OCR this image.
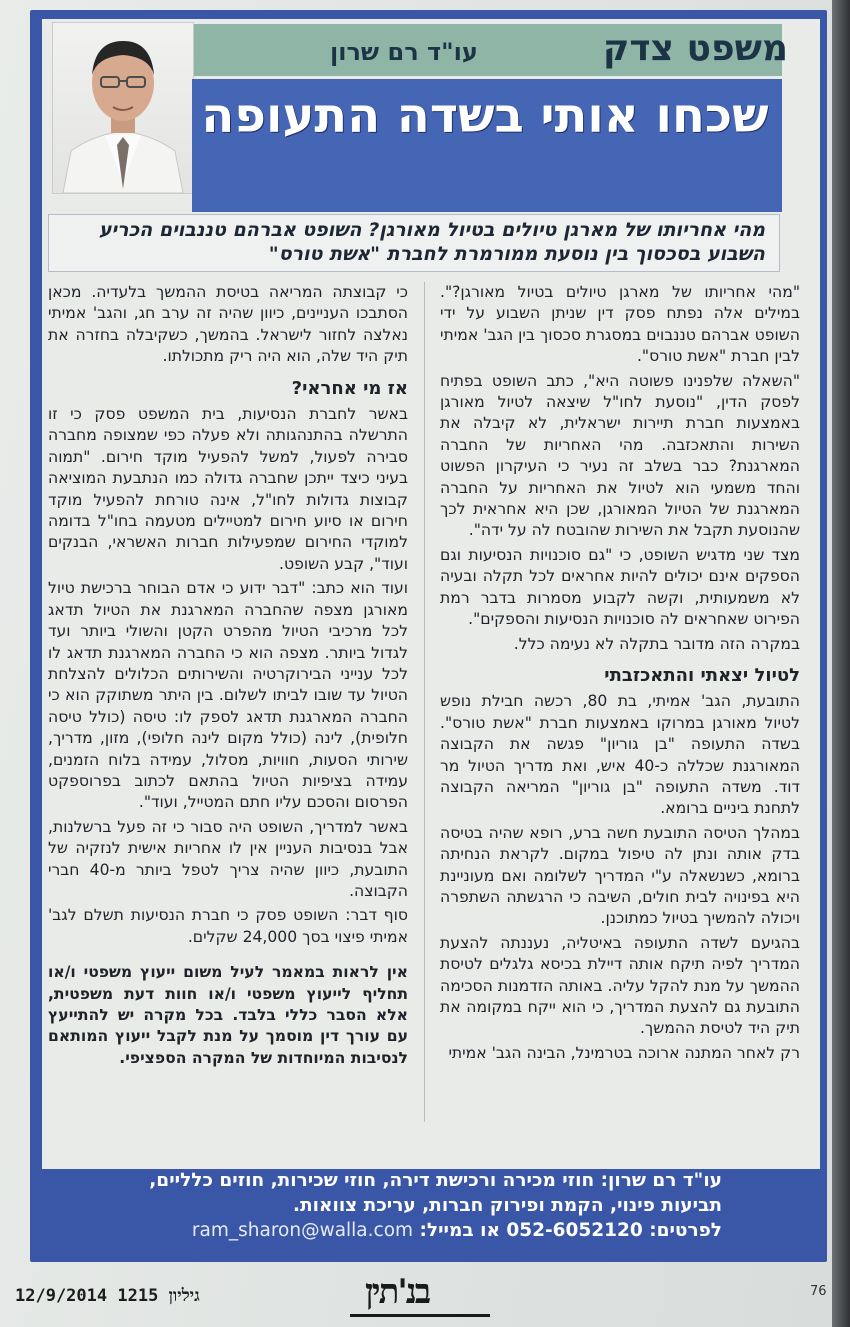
משפט צדק
עו"ד רם שרון
שכחו אותי בשדה התעופה
מהי אחריותו של מארגן טיולים בטיול מאורגן? השופט אברהם טננבוים הכריע השבוע בסכסוך בין נוסעת ממורמרת לחברת "אשת טורס"

"מהי אחריותו של מארגן טיולים בטיול מאורגן?". במילים אלה נפתח פסק דין שניתן השבוע על ידי השופט אברהם טננבוים במסגרת סכסוך בין הגב' אמיתי לבין חברת "אשת טורס".

"השאלה שלפנינו פשוטה היא", כתב השופט בפתיח לפסק הדין, "נוסעת לחו"ל שיצאה לטיול מאורגן באמצעות חברת תיירות ישראלית, לא קיבלה את השירות והתאכזבה. מהי האחריות של החברה המארגנת? כבר בשלב זה נעיר כי העיקרון הפשוט והחד משמעי הוא לטיול את האחריות על החברה המארגנת של הטיול המאורגן, שכן היא אחראית לכך שהנוסעת תקבל את השירות שהובטח לה על ידה".

מצד שני מדגיש השופט, כי "גם סוכנויות הנסיעות וגם הספקים אינם יכולים להיות אחראים לכל תקלה ובעיה לא משמעותית, וקשה לקבוע מסמרות בדבר רמת הפירוט שאחראים לה סוכנויות הנסיעות והספקים".

במקרה הזה מדובר בתקלה לא נעימה כלל.

לטיול יצאתי והתאכזבתי

התובעת, הגב' אמיתי, בת 80, רכשה חבילת נופש לטיול מאורגן במרוקו באמצעות חברת "אשת טורס". בשדה התעופה "בן גוריון" פגשה את הקבוצה המאורגנת שכללה כ-40 איש, ואת מדריך הטיול מר דוד. משדה התעופה "בן גוריון" המריאה הקבוצה לתחנת ביניים ברומא.

במהלך הטיסה התובעת חשה ברע, רופא שהיה בטיסה בדק אותה ונתן לה טיפול במקום. לקראת הנחיתה ברומא, כשנשאלה ע"י המדריך לשלומה ואם מעוניינת היא בפינויה לבית חולים, השיבה כי הרגשתה השתפרה ויכולה להמשיך בטיול כמתוכנן.

בהגיעם לשדה התעופה באיטליה, נעננתה להצעת המדריך לפיה תיקח אותה דיילת בכיסא גלגלים לטיסת ההמשך על מנת להקל עליה. באותה הזדמנות הסכימה התובעת גם להצעת המדריך, כי הוא ייקח במקומה את תיק היד לטיסת ההמשך.

רק לאחר המתנה ארוכה בטרמינל, הבינה הגב' אמיתי

כי קבוצתה המריאה בטיסת ההמשך בלעדיה. מכאן הסתבכו העניינים, כיוון שהיה זה ערב חג, והגב' אמיתי נאלצה לחזור לישראל. בהמשך, כשקיבלה בחזרה את תיק היד שלה, הוא היה ריק מתכולתו.

אז מי אחראי?

באשר לחברת הנסיעות, בית המשפט פסק כי זו התרשלה בהתנהגותה ולא פעלה כפי שמצופה מחברה סבירה לפעול, למשל להפעיל מוקד חירום. "תמוה בעיני כיצד ייתכן שחברה גדולה כמו הנתבעת המוציאה קבוצות גדולות לחו"ל, אינה טורחת להפעיל מוקד חירום או סיוע חירום למטיילים מטעמה בחו"ל בדומה למוקדי החירום שמפעילות חברות האשראי, הבנקים ועוד", קבע השופט.

ועוד הוא כתב: "דבר ידוע כי אדם הבוחר ברכישת טיול מאורגן מצפה שהחברה המארגנת את הטיול תדאג לכל מרכיבי הטיול מהפרט הקטן והשולי ביותר ועד לגדול ביותר. מצפה הוא כי החברה המארגנת תדאג לו לכל ענייני הבירוקרטיה והשירותים הכלולים להצלחת הטיול עד שובו לביתו לשלום. בין היתר משתוקק הוא כי החברה המארגנת תדאג לספק לו: טיסה (כולל טיסה חלופית), לינה (כולל מקום לינה חלופי), מזון, מדריך, שירותי הסעות, חוויות, מסלול, עמידה בלוח הזמנים, עמידה בציפיות הטיול בהתאם לכתוב בפרוספקט הפרסום והסכם עליו חתם המטייל, ועוד".

באשר למדריך, השופט היה סבור כי זה פעל ברשלנות, אבל בנסיבות העניין אין לו אחריות אישית לנזקיה של התובעת, כיוון שהיה צריך לטפל ביותר מ-40 חברי הקבוצה.

סוף דבר: השופט פסק כי חברת הנסיעות תשלם לגב' אמיתי פיצוי בסך 24,000 שקלים.

אין לראות במאמר לעיל משום ייעוץ משפטי ו/או תחליף לייעוץ משפטי ו/או חוות דעת משפטית, אלא הסבר כללי בלבד. בכל מקרה יש להתייעץ עם עורך דין מוסמך על מנת לקבל ייעוץ המותאם לנסיבות המיוחדות של המקרה הספציפי.

עו"ד רם שרון: חוזי מכירה ורכישת דירה, חוזי שכירות, חוזים כלליים,
תביעות פינוי, הקמת ופירוק חברות, עריכת צוואות.
לפרטים: 052-6052120 או במייל: ram_sharon@walla.com
גיליון 1215 12/9/2014	בנ'תין	76
